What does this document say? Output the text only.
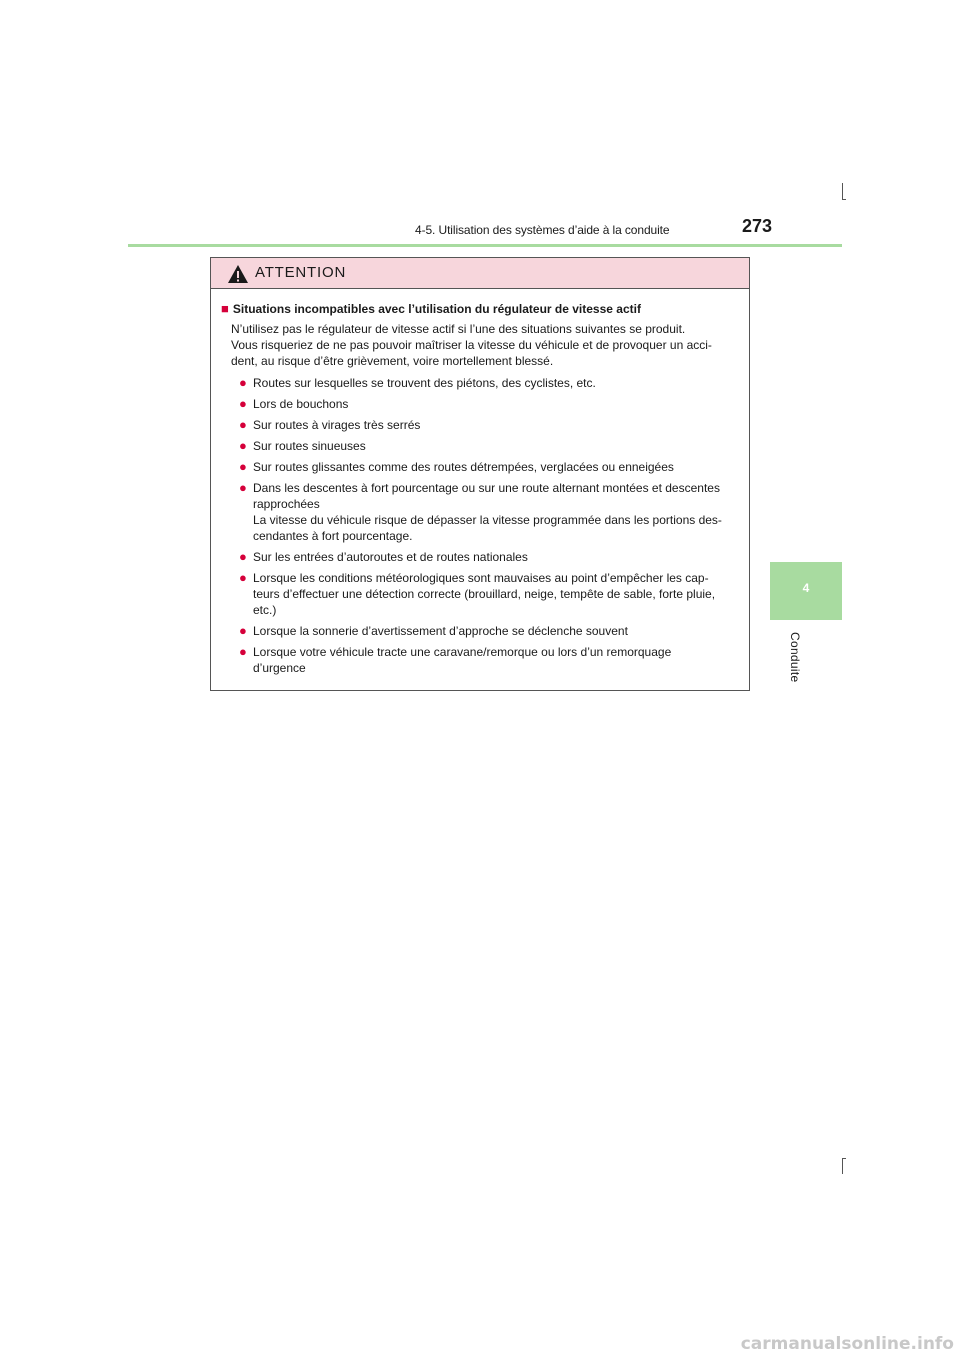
4-5. Utilisation des systèmes d’aide à la conduite	273
4
Conduite
ATTENTION
■ Situations incompatibles avec l’utilisation du régulateur de vitesse actif
N’utilisez pas le régulateur de vitesse actif si l’une des situations suivantes se produit.
Vous risqueriez de ne pas pouvoir maîtriser la vitesse du véhicule et de provoquer un acci-
dent, au risque d’être grièvement, voire mortellement blessé.
● Routes sur lesquelles se trouvent des piétons, des cyclistes, etc.
● Lors de bouchons
● Sur routes à virages très serrés
● Sur routes sinueuses
● Sur routes glissantes comme des routes détrempées, verglacées ou enneigées
● Dans les descentes à fort pourcentage ou sur une route alternant montées et descentes
rapprochées
La vitesse du véhicule risque de dépasser la vitesse programmée dans les portions des-
cendantes à fort pourcentage.
● Sur les entrées d’autoroutes et de routes nationales
● Lorsque les conditions météorologiques sont mauvaises au point d’empêcher les cap-
teurs d’effectuer une détection correcte (brouillard, neige, tempête de sable, forte pluie,
etc.)
● Lorsque la sonnerie d’avertissement d’approche se déclenche souvent
● Lorsque votre véhicule tracte une caravane/remorque ou lors d’un remorquage
d’urgence
carmanualsonline.info
